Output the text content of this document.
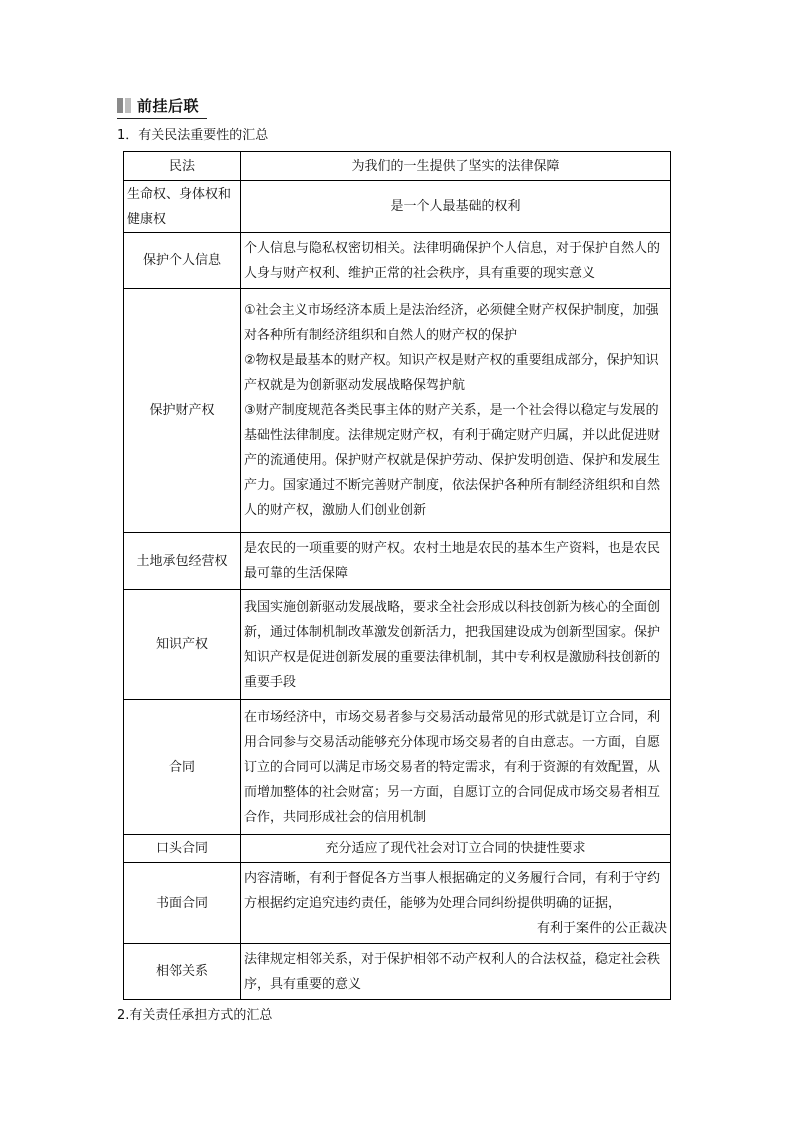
前挂后联
1．有关民法重要性的汇总
民法	为我们的一生提供了坚实的法律保障
生命权、身体权和健康权	是一个人最基础的权利
保护个人信息	个人信息与隐私权密切相关。法律明确保护个人信息，对于保护自然人的人身与财产权利、维护正常的社会秩序，具有重要的现实意义
保护财产权	①社会主义市场经济本质上是法治经济，必须健全财产权保护制度，加强对各种所有制经济组织和自然人的财产权的保护
②物权是最基本的财产权。知识产权是财产权的重要组成部分，保护知识产权就是为创新驱动发展战略保驾护航
③财产制度规范各类民事主体的财产关系，是一个社会得以稳定与发展的基础性法律制度。法律规定财产权，有利于确定财产归属，并以此促进财产的流通使用。保护财产权就是保护劳动、保护发明创造、保护和发展生产力。国家通过不断完善财产制度，依法保护各种所有制经济组织和自然人的财产权，激励人们创业创新

土地承包经营权	是农民的一项重要的财产权。农村土地是农民的基本生产资料，也是农民最可靠的生活保障
知识产权	我国实施创新驱动发展战略，要求全社会形成以科技创新为核心的全面创新，通过体制机制改革激发创新活力，把我国建设成为创新型国家。保护知识产权是促进创新发展的重要法律机制，其中专利权是激励科技创新的重要手段
合同	在市场经济中，市场交易者参与交易活动最常见的形式就是订立合同，利用合同参与交易活动能够充分体现市场交易者的自由意志。一方面，自愿订立的合同可以满足市场交易者的特定需求，有利于资源的有效配置，从而增加整体的社会财富；另一方面，自愿订立的合同促成市场交易者相互合作，共同形成社会的信用机制
口头合同	充分适应了现代社会对订立合同的快捷性要求
书面合同	内容清晰，有利于督促各方当事人根据确定的义务履行合同，有利于守约方根据约定追究违约责任，能够为处理合同纠纷提供明确的证据，
有利于案件的公正裁决

相邻关系	法律规定相邻关系，对于保护相邻不动产权利人的合法权益，稳定社会秩序，具有重要的意义
2.有关责任承担方式的汇总
